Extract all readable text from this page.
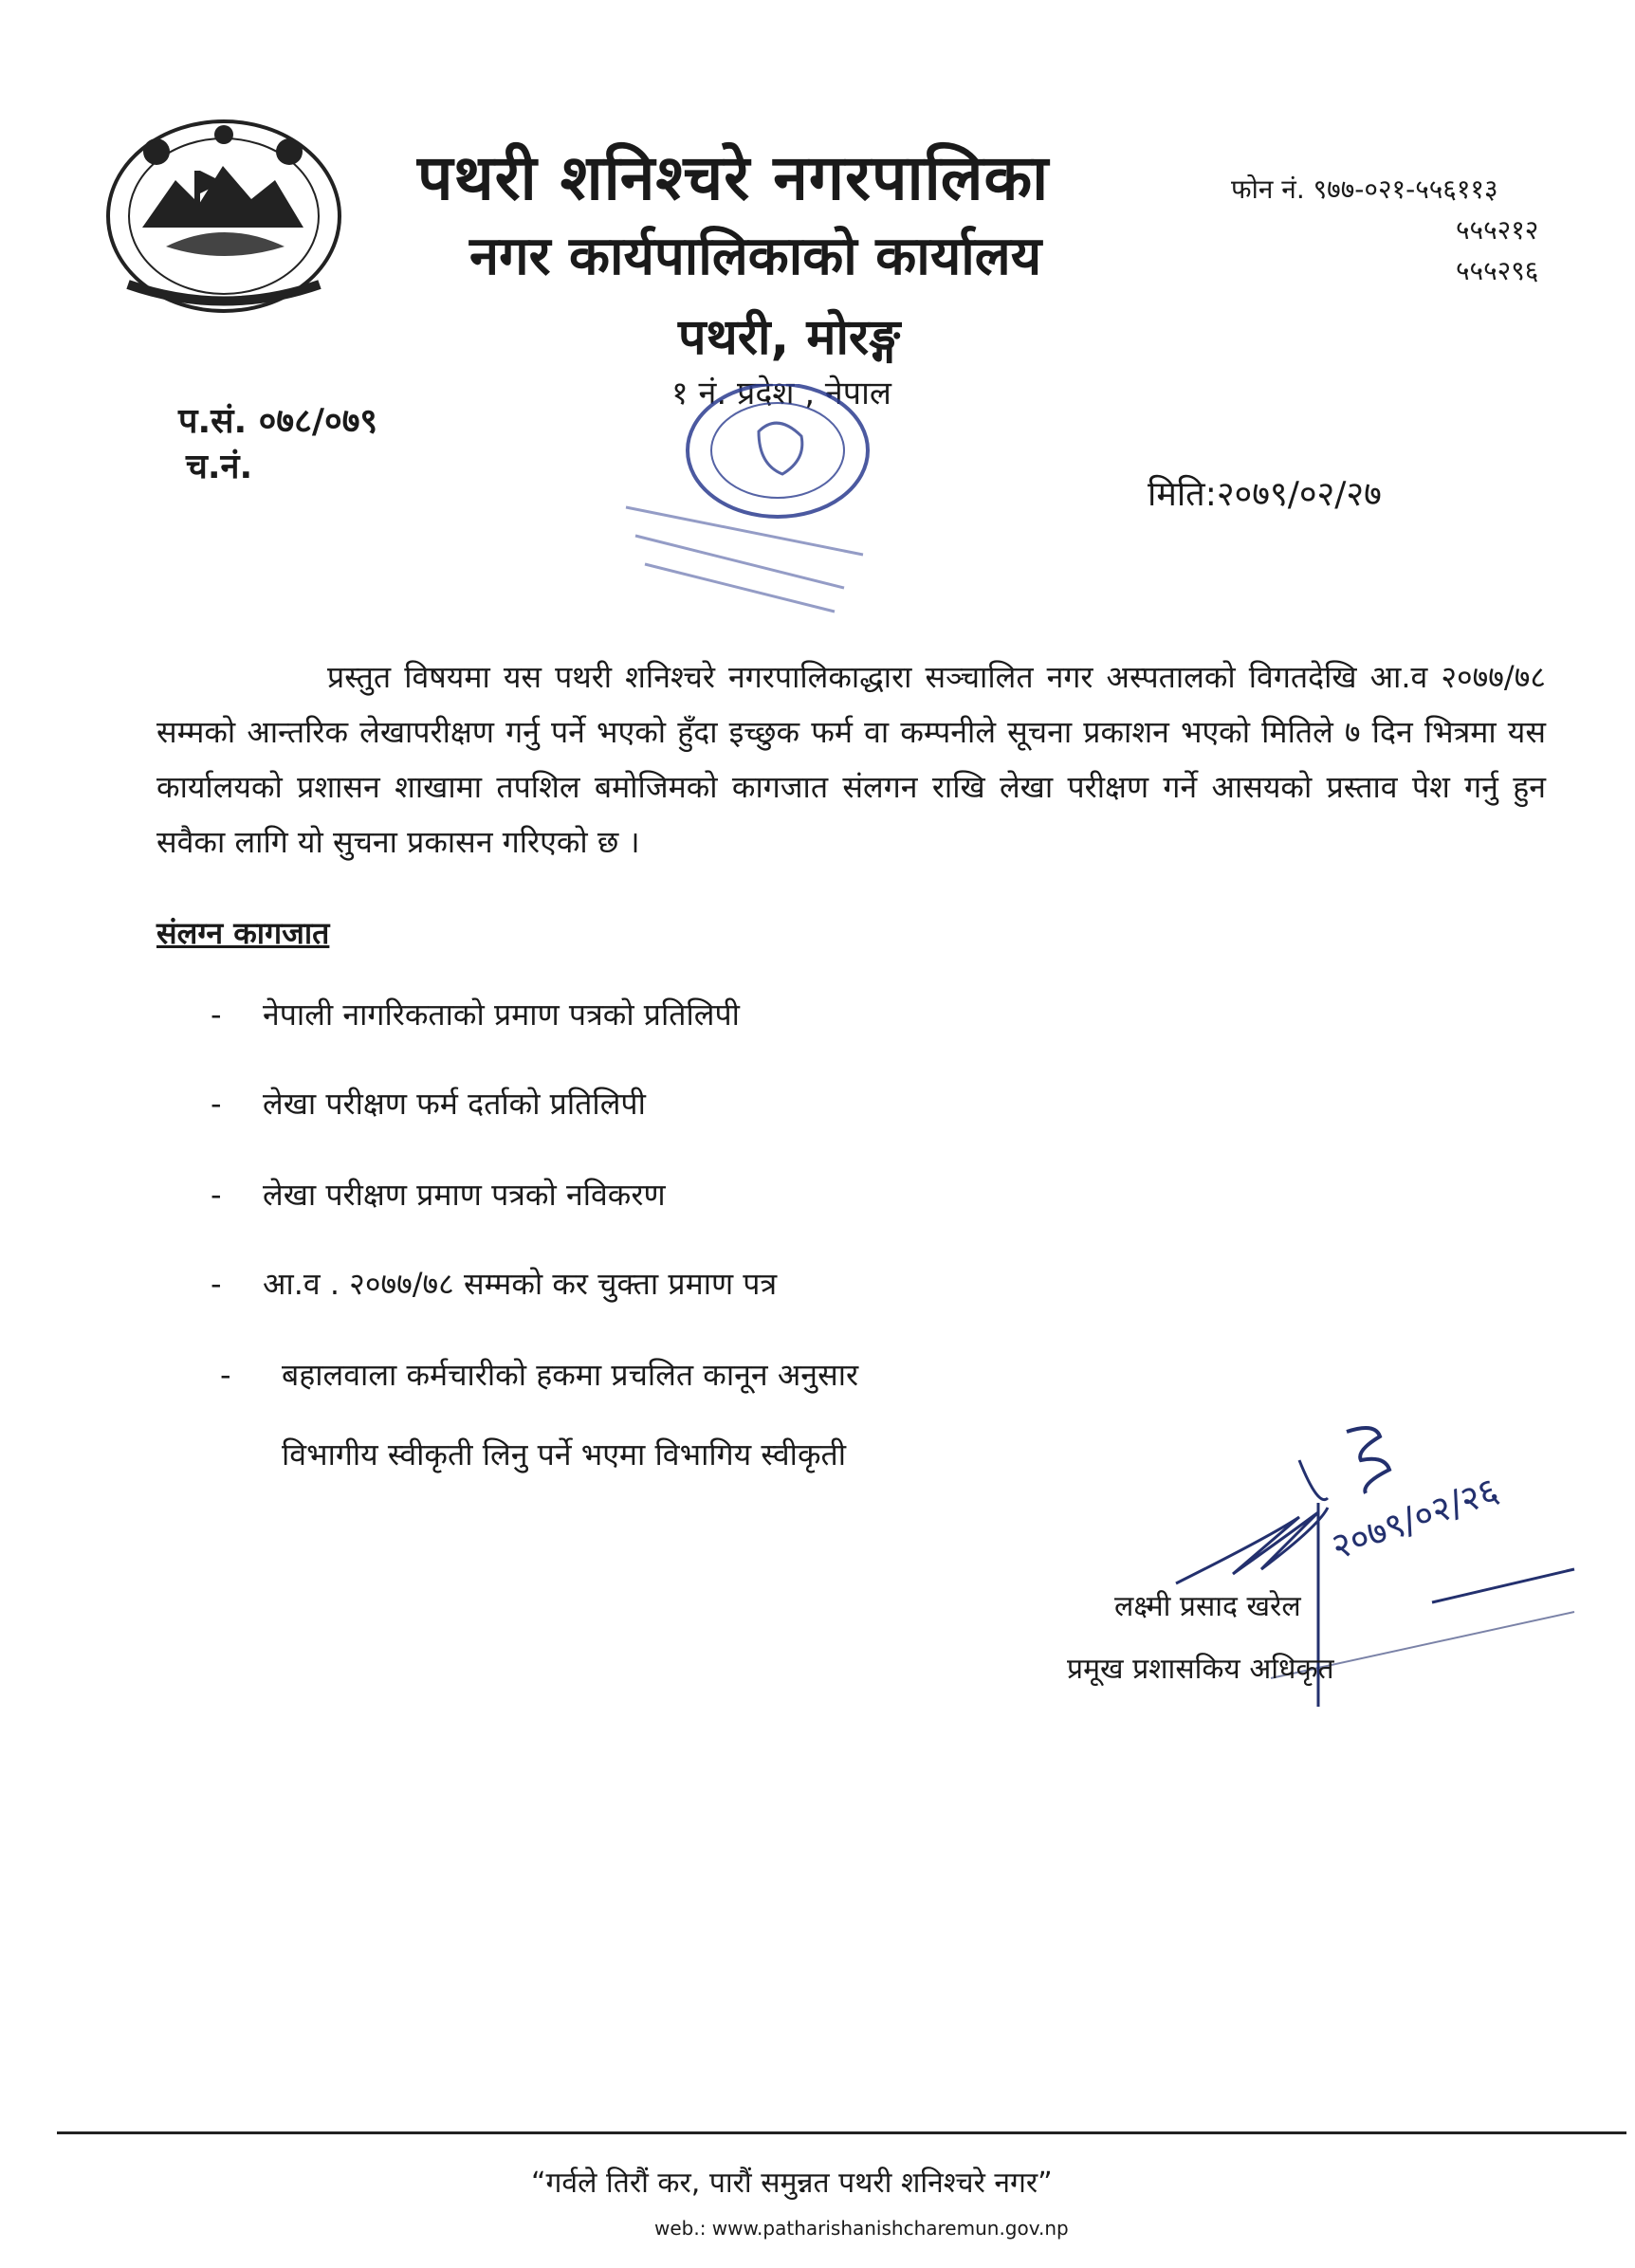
पथरी शनिश्चरे नगरपालिका
नगर कार्यपालिकाको कार्यालय
पथरी, मोरङ्ग
१ नं. प्रदेश , नेपाल
फोन नं. ९७७-०२१-५५६११३
५५५२१२
५५५२९६
प.सं. ०७८/०७९
च.नं.
मिति:२०७९/०२/२७
प्रस्तुत विषयमा यस पथरी शनिश्चरे नगरपालिकाद्धारा सञ्चालित नगर अस्पतालको विगतदेखि आ.व २०७७/७८ सम्मको आन्तरिक लेखापरीक्षण गर्नु पर्ने भएको हुँदा इच्छुक फर्म वा कम्पनीले सूचना प्रकाशन भएको मितिले ७ दिन भित्रमा यस कार्यालयको प्रशासन शाखामा तपशिल बमोजिमको कागजात संलगन राखि लेखा परीक्षण गर्ने आसयको प्रस्ताव पेश गर्नु हुन सवैका लागि यो सुचना प्रकासन गरिएको छ ।
संलग्न कागजात
- नेपाली नागरिकताको प्रमाण पत्रको प्रतिलिपी
- लेखा परीक्षण फर्म दर्ताको प्रतिलिपी
- लेखा परीक्षण प्रमाण पत्रको नविकरण
- आ.व . २०७७/७८ सम्मको कर चुक्ता प्रमाण पत्र
- बहालवाला कर्मचारीको हकमा प्रचलित कानून अनुसार
विभागीय स्वीकृती लिनु पर्ने भएमा विभागिय स्वीकृती
२०७९/०२/२६
लक्ष्मी प्रसाद खरेल
प्रमूख प्रशासकिय अधिकृत
“गर्वले तिरौं कर, पारौं समुन्नत पथरी शनिश्चरे नगर”
web.: www.patharishanishcharemun.gov.np
